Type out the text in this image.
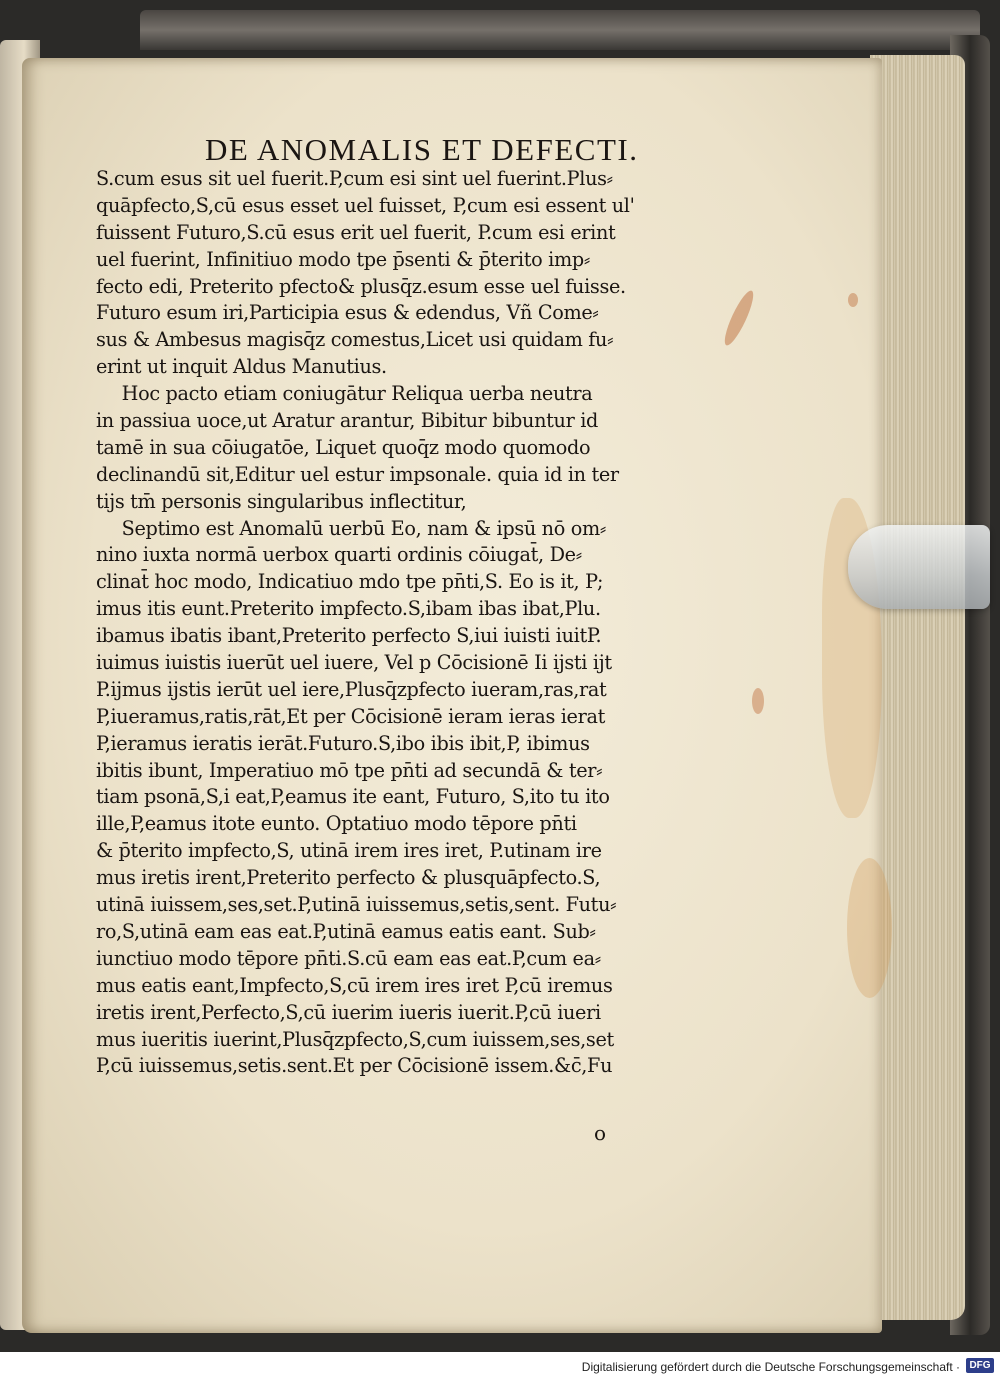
DE ANOMALIS ET DEFECTI.
S.cum esus sit uel fuerit.P,cum esi sint uel fuerint.Plus⸗
quāpfecto,S,cū esus esset uel fuisset, P,cum esi essent ul'
fuissent Futuro,S.cū esus erit uel fuerit, P.cum esi erint
uel fuerint, Infinitiuo modo tpe p̄senti & p̄terito imp⸗
fecto edi, Preterito pfecto& plusq̄z.esum esse uel fuisse.
Futuro esum iri,Participia esus & edendus, Vñ Come⸗
sus & Ambesus magisq̄z comestus,Licet usi quidam fu⸗
erint ut inquit Aldus Manutius.
Hoc pacto etiam coniugātur Reliqua uerba neutra
in passiua uoce,ut Aratur arantur, Bibitur bibuntur id
tamē in sua cōiugatōe, Liquet quoq̄z modo quomodo
declinandū sit,Editur uel estur impsonale. quia id in ter
tijs tm̄ personis singularibus inflectitur,
Septimo est Anomalū uerbū Eo, nam & ipsū nō om⸗
nino iuxta normā uerbox quarti ordinis cōiugat̄, De⸗
clinat̄ hoc modo, Indicatiuo mdo tpe pn̄ti,S. Eo is it, P;
imus itis eunt.Preterito impfecto.S,ibam ibas ibat,Plu.
ibamus ibatis ibant,Preterito perfecto S,iui iuisti iuitP.
iuimus iuistis iuerūt uel iuere, Vel p Cōcisionē Ii ijsti ijt
P.ijmus ijstis ierūt uel iere,Plusq̄zpfecto iueram,ras,rat
P,iueramus,ratis,rāt,Et per Cōcisionē ieram ieras ierat
P,ieramus ieratis ierāt.Futuro.S,ibo ibis ibit,P, ibimus
ibitis ibunt, Imperatiuo mō tpe pn̄ti ad secundā & ter⸗
tiam psonā,S,i eat,P,eamus ite eant, Futuro, S,ito tu ito
ille,P,eamus itote eunto. Optatiuo modo tēpore pn̄ti
& p̄terito impfecto,S, utinā irem ires iret, P.utinam ire
mus iretis irent,Preterito perfecto & plusquāpfecto.S,
utinā iuissem,ses,set.P,utinā iuissemus,setis,sent. Futu⸗
ro,S,utinā eam eas eat.P,utinā eamus eatis eant. Sub⸗
iunctiuo modo tēpore pn̄ti.S.cū eam eas eat.P,cum ea⸗
mus eatis eant,Impfecto,S,cū irem ires iret P,cū iremus
iretis irent,Perfecto,S,cū iuerim iueris iuerit.P,cū iueri
mus iueritis iuerint,Plusq̄zpfecto,S,cum iuissem,ses,set
P,cū iuissemus,setis.sent.Et per Cōcisionē issem.&c̄,Fu
o
Digitalisierung gefördert durch die Deutsche Forschungsgemeinschaft · DFG
